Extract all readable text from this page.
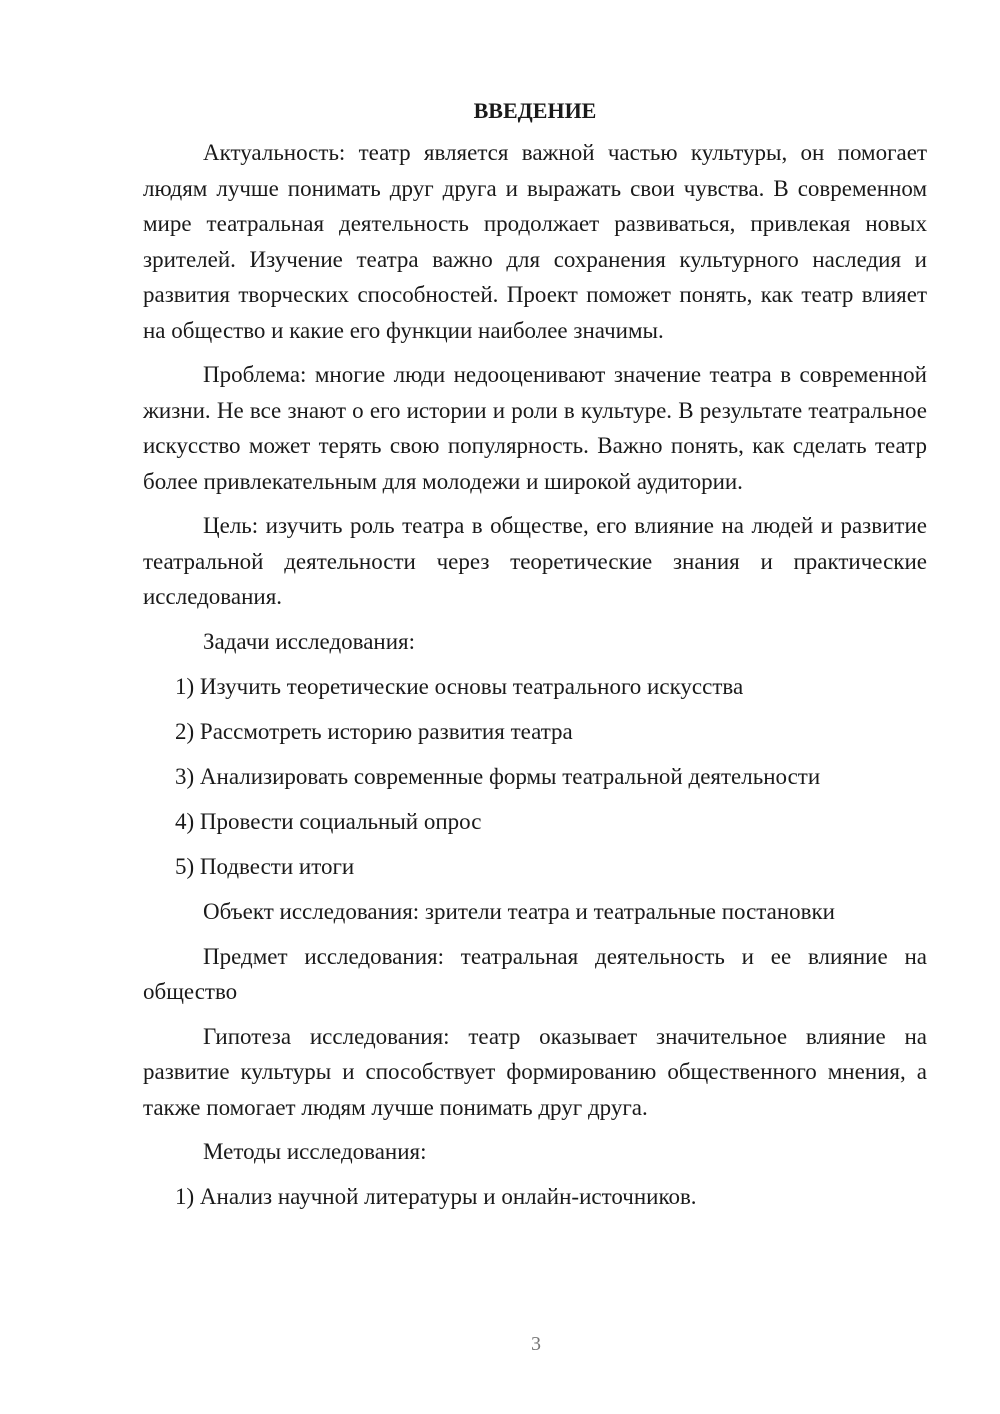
ВВЕДЕНИЕ

Актуальность: театр является важной частью культуры, он помогает людям лучше понимать друг друга и выражать свои чувства. В современном мире театральная деятельность продолжает развиваться, привлекая новых зрителей. Изучение театра важно для сохранения культурного наследия и развития творческих способностей. Проект поможет понять, как театр влияет на общество и какие его функции наиболее значимы.

Проблема: многие люди недооценивают значение театра в современной жизни. Не все знают о его истории и роли в культуре. В результате театральное искусство может терять свою популярность. Важно понять, как сделать театр более привлекательным для молодежи и широкой аудитории.

Цель: изучить роль театра в обществе, его влияние на людей и развитие театральной деятельности через теоретические знания и практические исследования.

Задачи исследования:

1) Изучить теоретические основы театрального искусства
2) Рассмотреть историю развития театра
3) Анализировать современные формы театральной деятельности
4) Провести социальный опрос
5) Подвести итоги

Объект исследования: зрители театра и театральные постановки

Предмет исследования: театральная деятельность и ее влияние на общество

Гипотеза исследования: театр оказывает значительное влияние на развитие культуры и способствует формированию общественного мнения, а также помогает людям лучше понимать друг друга.

Методы исследования:

1) Анализ научной литературы и онлайн-источников.
3
